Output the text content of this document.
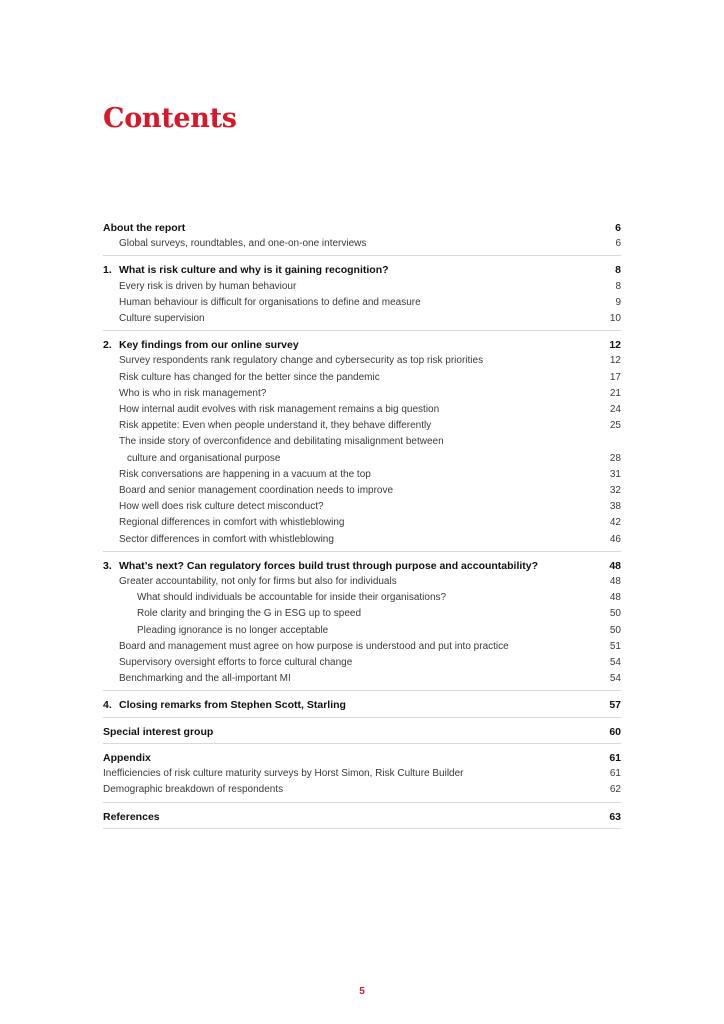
Contents
About the report	6
Global surveys, roundtables, and one-on-one interviews	6
1. What is risk culture and why is it gaining recognition?	8
Every risk is driven by human behaviour	8
Human behaviour is difficult for organisations to define and measure	9
Culture supervision	10
2. Key findings from our online survey	12
Survey respondents rank regulatory change and cybersecurity as top risk priorities	12
Risk culture has changed for the better since the pandemic	17
Who is who in risk management?	21
How internal audit evolves with risk management remains a big question	24
Risk appetite: Even when people understand it, they behave differently	25
The inside story of overconfidence and debilitating misalignment between
culture and organisational purpose	28
Risk conversations are happening in a vacuum at the top	31
Board and senior management coordination needs to improve	32
How well does risk culture detect misconduct?	38
Regional differences in comfort with whistleblowing	42
Sector differences in comfort with whistleblowing	46
3. What’s next? Can regulatory forces build trust through purpose and accountability?	48
Greater accountability, not only for firms but also for individuals	48
What should individuals be accountable for inside their organisations?	48
Role clarity and bringing the G in ESG up to speed	50
Pleading ignorance is no longer acceptable	50
Board and management must agree on how purpose is understood and put into practice	51
Supervisory oversight efforts to force cultural change	54
Benchmarking and the all-important MI	54
4. Closing remarks from Stephen Scott, Starling	57
Special interest group	60
Appendix	61
Inefficiencies of risk culture maturity surveys by Horst Simon, Risk Culture Builder	61
Demographic breakdown of respondents	62
References	63
5
